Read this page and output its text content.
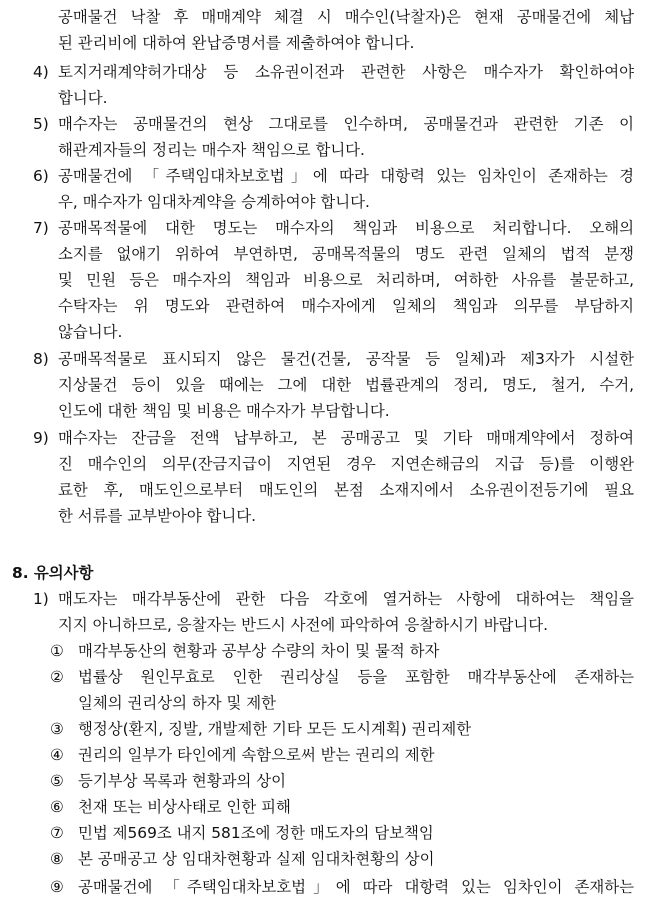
공매물건 낙찰 후 매매계약 체결 시 매수인(낙찰자)은 현재 공매물건에 체납
된 관리비에 대하여 완납증명서를 제출하여야 합니다.
4) 토지거래계약허가대상 등 소유권이전과 관련한 사항은 매수자가 확인하여야
합니다.
5) 매수자는 공매물건의 현상 그대로를 인수하며, 공매물건과 관련한 기존 이
해관계자들의 정리는 매수자 책임으로 합니다.
6) 공매물건에 「주택임대차보호법」에 따라 대항력 있는 임차인이 존재하는 경
우, 매수자가 임대차계약을 승계하여야 합니다.
7) 공매목적물에 대한 명도는 매수자의 책임과 비용으로 처리합니다. 오해의
소지를 없애기 위하여 부연하면, 공매목적물의 명도 관련 일체의 법적 분쟁
및 민원 등은 매수자의 책임과 비용으로 처리하며, 여하한 사유를 불문하고,
수탁자는 위 명도와 관련하여 매수자에게 일체의 책임과 의무를 부담하지
않습니다.
8) 공매목적물로 표시되지 않은 물건(건물, 공작물 등 일체)과 제3자가 시설한
지상물건 등이 있을 때에는 그에 대한 법률관계의 정리, 명도, 철거, 수거,
인도에 대한 책임 및 비용은 매수자가 부담합니다.
9) 매수자는 잔금을 전액 납부하고, 본 공매공고 및 기타 매매계약에서 정하여
진 매수인의 의무(잔금지급이 지연된 경우 지연손해금의 지급 등)를 이행완
료한 후, 매도인으로부터 매도인의 본점 소재지에서 소유권이전등기에 필요
한 서류를 교부받아야 합니다.
8. 유의사항
1) 매도자는 매각부동산에 관한 다음 각호에 열거하는 사항에 대하여는 책임을
지지 아니하므로, 응찰자는 반드시 사전에 파악하여 응찰하시기 바랍니다.
① 매각부동산의 현황과 공부상 수량의 차이 및 물적 하자
② 법률상 원인무효로 인한 권리상실 등을 포함한 매각부동산에 존재하는
일체의 권리상의 하자 및 제한
③ 행정상(환지, 징발, 개발제한 기타 모든 도시계획) 권리제한
④ 권리의 일부가 타인에게 속함으로써 받는 권리의 제한
⑤ 등기부상 목록과 현황과의 상이
⑥ 천재 또는 비상사태로 인한 피해
⑦ 민법 제569조 내지 581조에 정한 매도자의 담보책임
⑧ 본 공매공고 상 임대차현황과 실제 임대차현황의 상이
⑨ 공매물건에 「주택임대차보호법」에 따라 대항력 있는 임차인이 존재하는
